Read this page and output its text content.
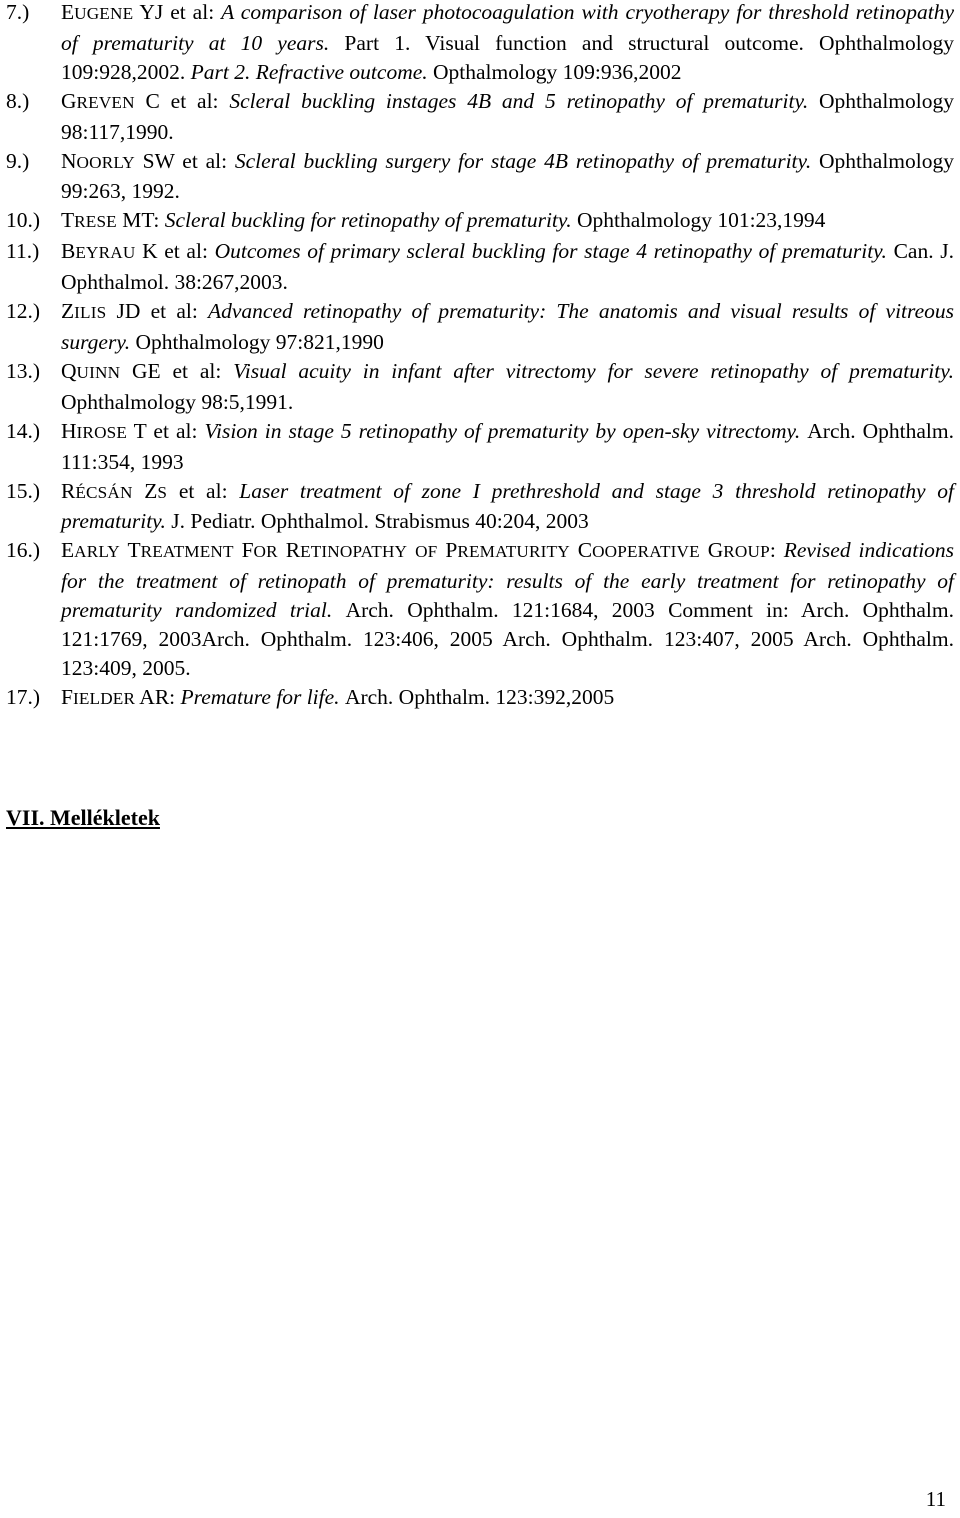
7.) EUGENE YJ et al: A comparison of laser photocoagulation with cryotherapy for threshold retinopathy of prematurity at 10 years. Part 1. Visual function and structural outcome. Ophthalmology 109:928,2002. Part 2. Refractive outcome. Opthalmology 109:936,2002
8.) GREVEN C et al: Scleral buckling instages 4B and 5 retinopathy of prematurity. Ophthalmology 98:117,1990.
9.) NOORLY SW et al: Scleral buckling surgery for stage 4B retinopathy of prematurity. Ophthalmology 99:263, 1992.
10.) TRESE MT: Scleral buckling for retinopathy of prematurity. Ophthalmology 101:23,1994
11.) BEYRAU K et al: Outcomes of primary scleral buckling for stage 4 retinopathy of prematurity. Can. J. Ophthalmol. 38:267,2003.
12.) ZILIS JD et al: Advanced retinopathy of prematurity: The anatomis and visual results of vitreous surgery. Ophthalmology 97:821,1990
13.) QUINN GE et al: Visual acuity in infant after vitrectomy for severe retinopathy of prematurity. Ophthalmology 98:5,1991.
14.) HIROSE T et al: Vision in stage 5 retinopathy of prematurity by open-sky vitrectomy. Arch. Ophthalm. 111:354, 1993
15.) RÉCSÁN ZS et al: Laser treatment of zone I prethreshold and stage 3 threshold retinopathy of prematurity. J. Pediatr. Ophthalmol. Strabismus 40:204, 2003
16.) EARLY TREATMENT FOR RETINOPATHY OF PREMATURITY COOPERATIVE GROUP: Revised indications for the treatment of retinopath of prematurity: results of the early treatment for retinopathy of prematurity randomized trial. Arch. Ophthalm. 121:1684, 2003 Comment in: Arch. Ophthalm. 121:1769, 2003Arch. Ophthalm. 123:406, 2005 Arch. Ophthalm. 123:407, 2005 Arch. Ophthalm. 123:409, 2005.
17.) FIELDER AR: Premature for life. Arch. Ophthalm. 123:392,2005
VII. Mellékletek
11
